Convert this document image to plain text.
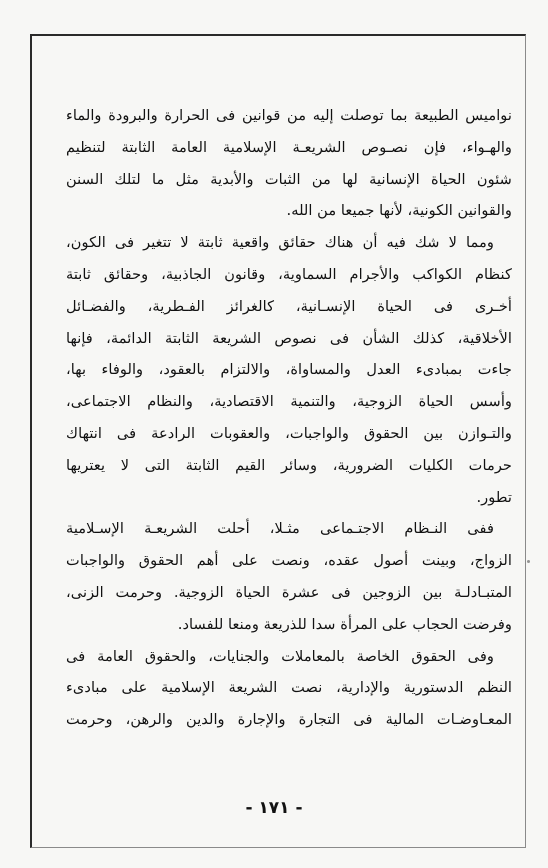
نواميس الطبيعة بما توصلت إليه من قوانين فى الحرارة والبرودة والماء
والهـواء، فإن نصـوص الشريعـة الإسلامية العامة الثابتة لتنظيم
شئون الحياة الإنسانية لها من الثبات والأبدية مثل ما لتلك السنن
والقوانين الكونية، لأنها جميعا من الله.
ومما لا شك فيه أن هناك حقائق واقعية ثابتة لا تتغير فى الكون،
كنظام الكواكب والأجرام السماوية، وقانون الجاذبية، وحقائق ثابتة
أخـرى فى الحياة الإنسـانية، كالغرائز الفـطرية، والفضـائل
الأخلاقية، كذلك الشأن فى نصوص الشريعة الثابتة الدائمة، فإنها
جاءت بمبادىء العدل والمساواة، والالتزام بالعقود، والوفاء بها،
وأسس الحياة الزوجية، والتنمية الاقتصادية، والنظام الاجتماعى،
والتـوازن بين الحقوق والواجبات، والعقوبات الرادعة فى انتهاك
حرمات الكليات الضرورية، وسائر القيم الثابتة التى لا يعتريها
تطور.
ففى النـظام الاجتـماعى مثـلا، أحلت الشريعـة الإسـلامية
الزواج، وبينت أصول عقده، ونصت على أهم الحقوق والواجبات
المتبـادلـة بين الزوجين فى عشرة الحياة الزوجية. وحرمت الزنى،
وفرضت الحجاب على المرأة سدا للذريعة ومنعا للفساد.
وفى الحقوق الخاصة بالمعاملات والجنايات، والحقوق العامة فى
النظم الدستورية والإدارية، نصت الشريعة الإسلامية على مبادىء
المعـاوضـات المالية فى التجارة والإجارة والدين والرهن، وحرمت
- ١٧١ -
